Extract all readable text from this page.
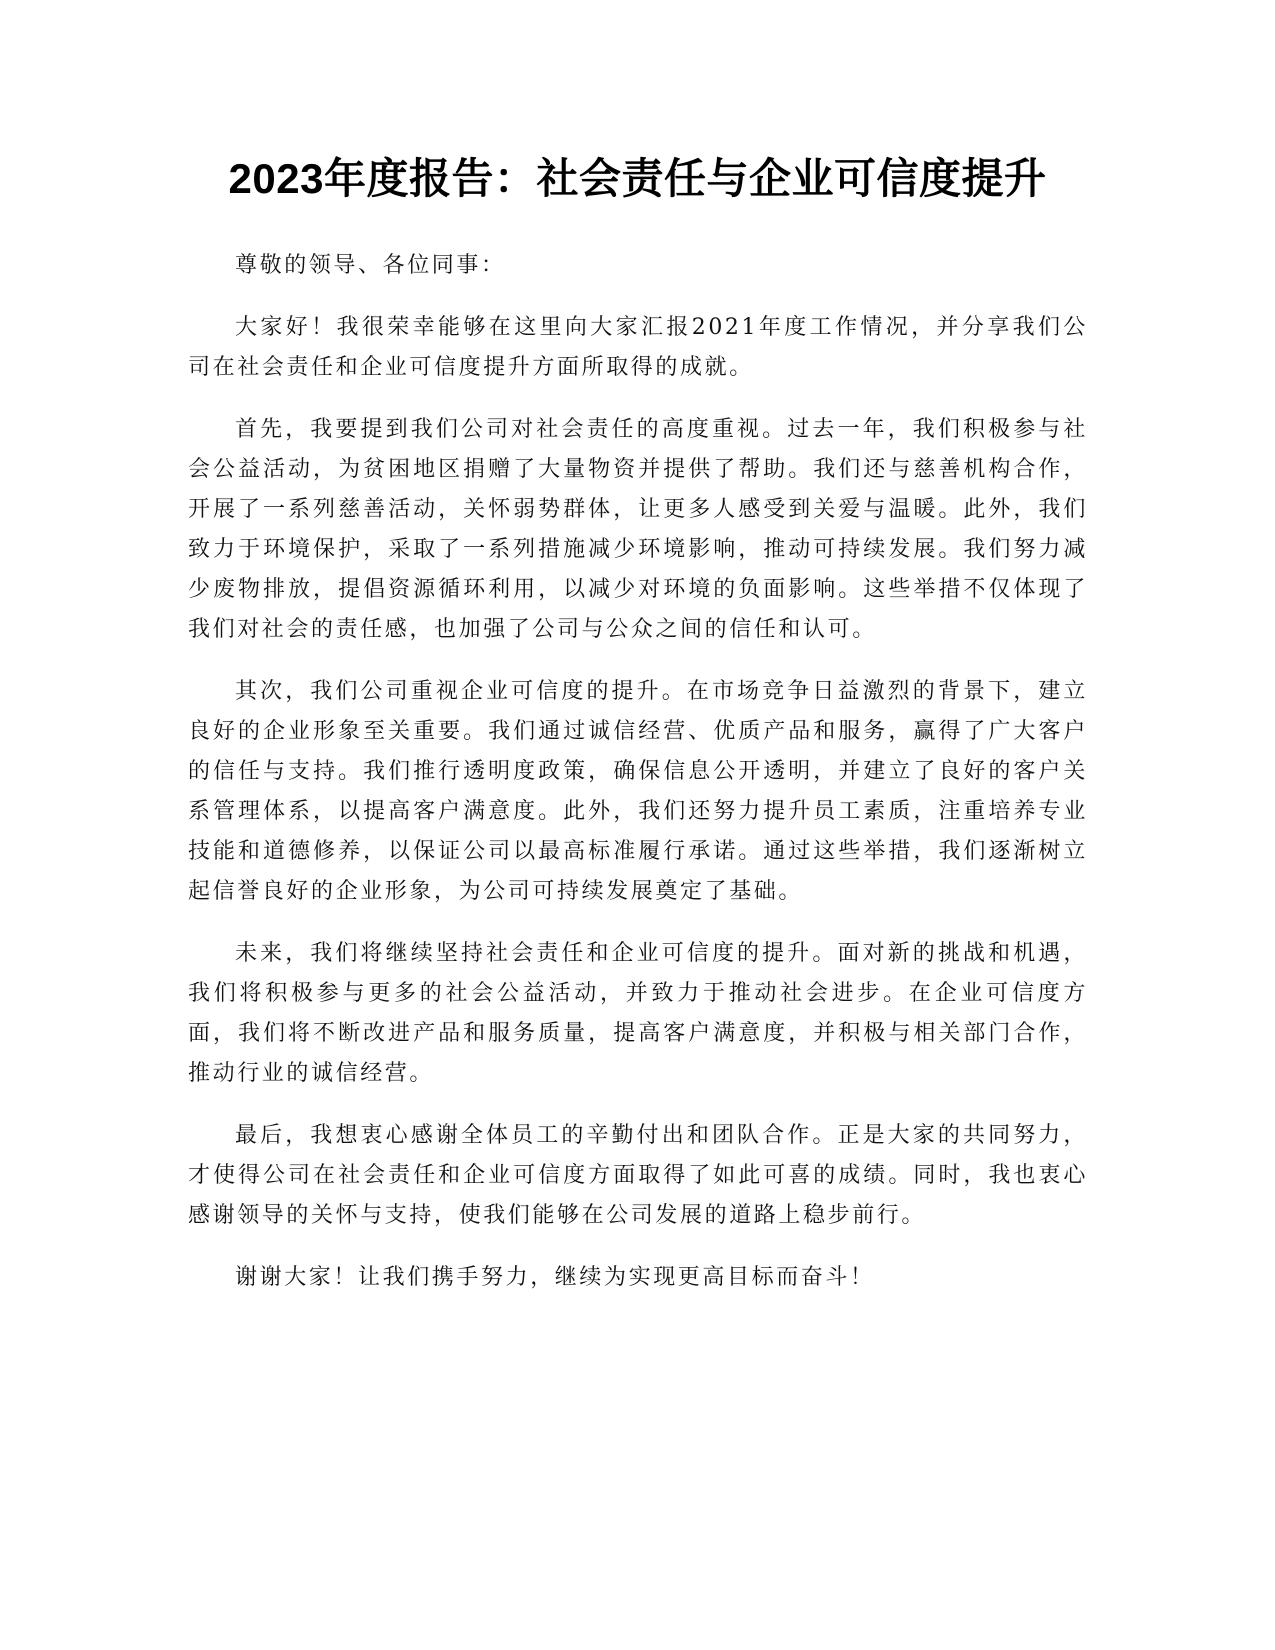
2023年度报告：社会责任与企业可信度提升

尊敬的领导、各位同事：

大家好！我很荣幸能够在这里向大家汇报2021年度工作情况，并分享我们公司在社会责任和企业可信度提升方面所取得的成就。

首先，我要提到我们公司对社会责任的高度重视。过去一年，我们积极参与社会公益活动，为贫困地区捐赠了大量物资并提供了帮助。我们还与慈善机构合作，开展了一系列慈善活动，关怀弱势群体，让更多人感受到关爱与温暖。此外，我们致力于环境保护，采取了一系列措施减少环境影响，推动可持续发展。我们努力减少废物排放，提倡资源循环利用，以减少对环境的负面影响。这些举措不仅体现了我们对社会的责任感，也加强了公司与公众之间的信任和认可。

其次，我们公司重视企业可信度的提升。在市场竞争日益激烈的背景下，建立良好的企业形象至关重要。我们通过诚信经营、优质产品和服务，赢得了广大客户的信任与支持。我们推行透明度政策，确保信息公开透明，并建立了良好的客户关系管理体系，以提高客户满意度。此外，我们还努力提升员工素质，注重培养专业技能和道德修养，以保证公司以最高标准履行承诺。通过这些举措，我们逐渐树立起信誉良好的企业形象，为公司可持续发展奠定了基础。

未来，我们将继续坚持社会责任和企业可信度的提升。面对新的挑战和机遇，我们将积极参与更多的社会公益活动，并致力于推动社会进步。在企业可信度方面，我们将不断改进产品和服务质量，提高客户满意度，并积极与相关部门合作，推动行业的诚信经营。

最后，我想衷心感谢全体员工的辛勤付出和团队合作。正是大家的共同努力，才使得公司在社会责任和企业可信度方面取得了如此可喜的成绩。同时，我也衷心感谢领导的关怀与支持，使我们能够在公司发展的道路上稳步前行。

谢谢大家！让我们携手努力，继续为实现更高目标而奋斗！
